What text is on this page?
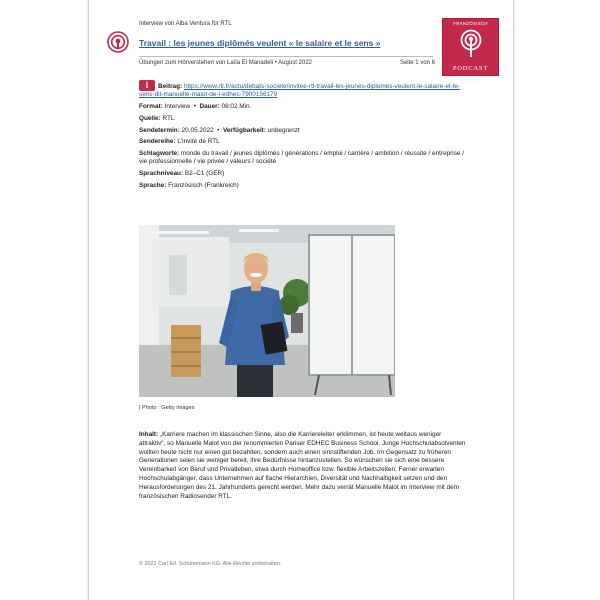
Interview von Alba Ventura für RTL
Travail : les jeunes diplômés veulent « le salaire et le sens »
Übungen zum Hörverstehen von Laïla El Manadeli • August 2022	Seite 1 von 6
FRANZÖSISCH
PODCAST

i Beitrag: https://www.rtl.fr/actu/debats-societe/invitee-rtl-travail-les-jeunes-diplomes-veulent-le-salaire-et-le-sens-dit-manuelle-malot-de-l-edhec-7900156179

Format: Interview  •  Dauer: 08:02 Min.

Quelle: RTL

Sendetermin: 20.05.2022  •  Verfügbarkeit: unbegrenzt

Sendereihe: L'invité de RTL

Schlagworte: monde du travail / jeunes diplômés / générations / emploi / carrière / ambition / réussite / entreprise / vie professionnelle / vie privée / valeurs / société

Sprachniveau: B2–C1 (GER)

Sprache: Französisch (Frankreich)

| Photo : Getty Images
Inhalt: „Karriere machen im klassischen Sinne, also die Karriereleiter erklimmen, ist heute weitaus weniger attraktiv“, so Manuelle Malot von der renommierten Pariser EDHEC Business School. Junge Hochschulabsolventen wollten heute nicht nur einen gut bezahlten, sondern auch einen sinnstiftenden Job. Im Gegensatz zu früheren Generationen seien sie weniger bereit, ihre Bedürfnisse hintanzustellen. So wünschen sie sich eine bessere Vereinbarkeit von Beruf und Privatleben, etwa durch Homeoffice bzw. flexible Arbeitszeiten. Ferner erwarten Hochschulabgänger, dass Unternehmen auf flache Hierarchien, Diversität und Nachhaltigkeit setzen und den Herausforderungen des 21. Jahrhunderts gerecht werden. Mehr dazu verrät Manuelle Malot im Interview mit dem französischen Radiosender RTL.
© 2022 Carl Ed. Schünemann KG. Alle Rechte vorbehalten.
